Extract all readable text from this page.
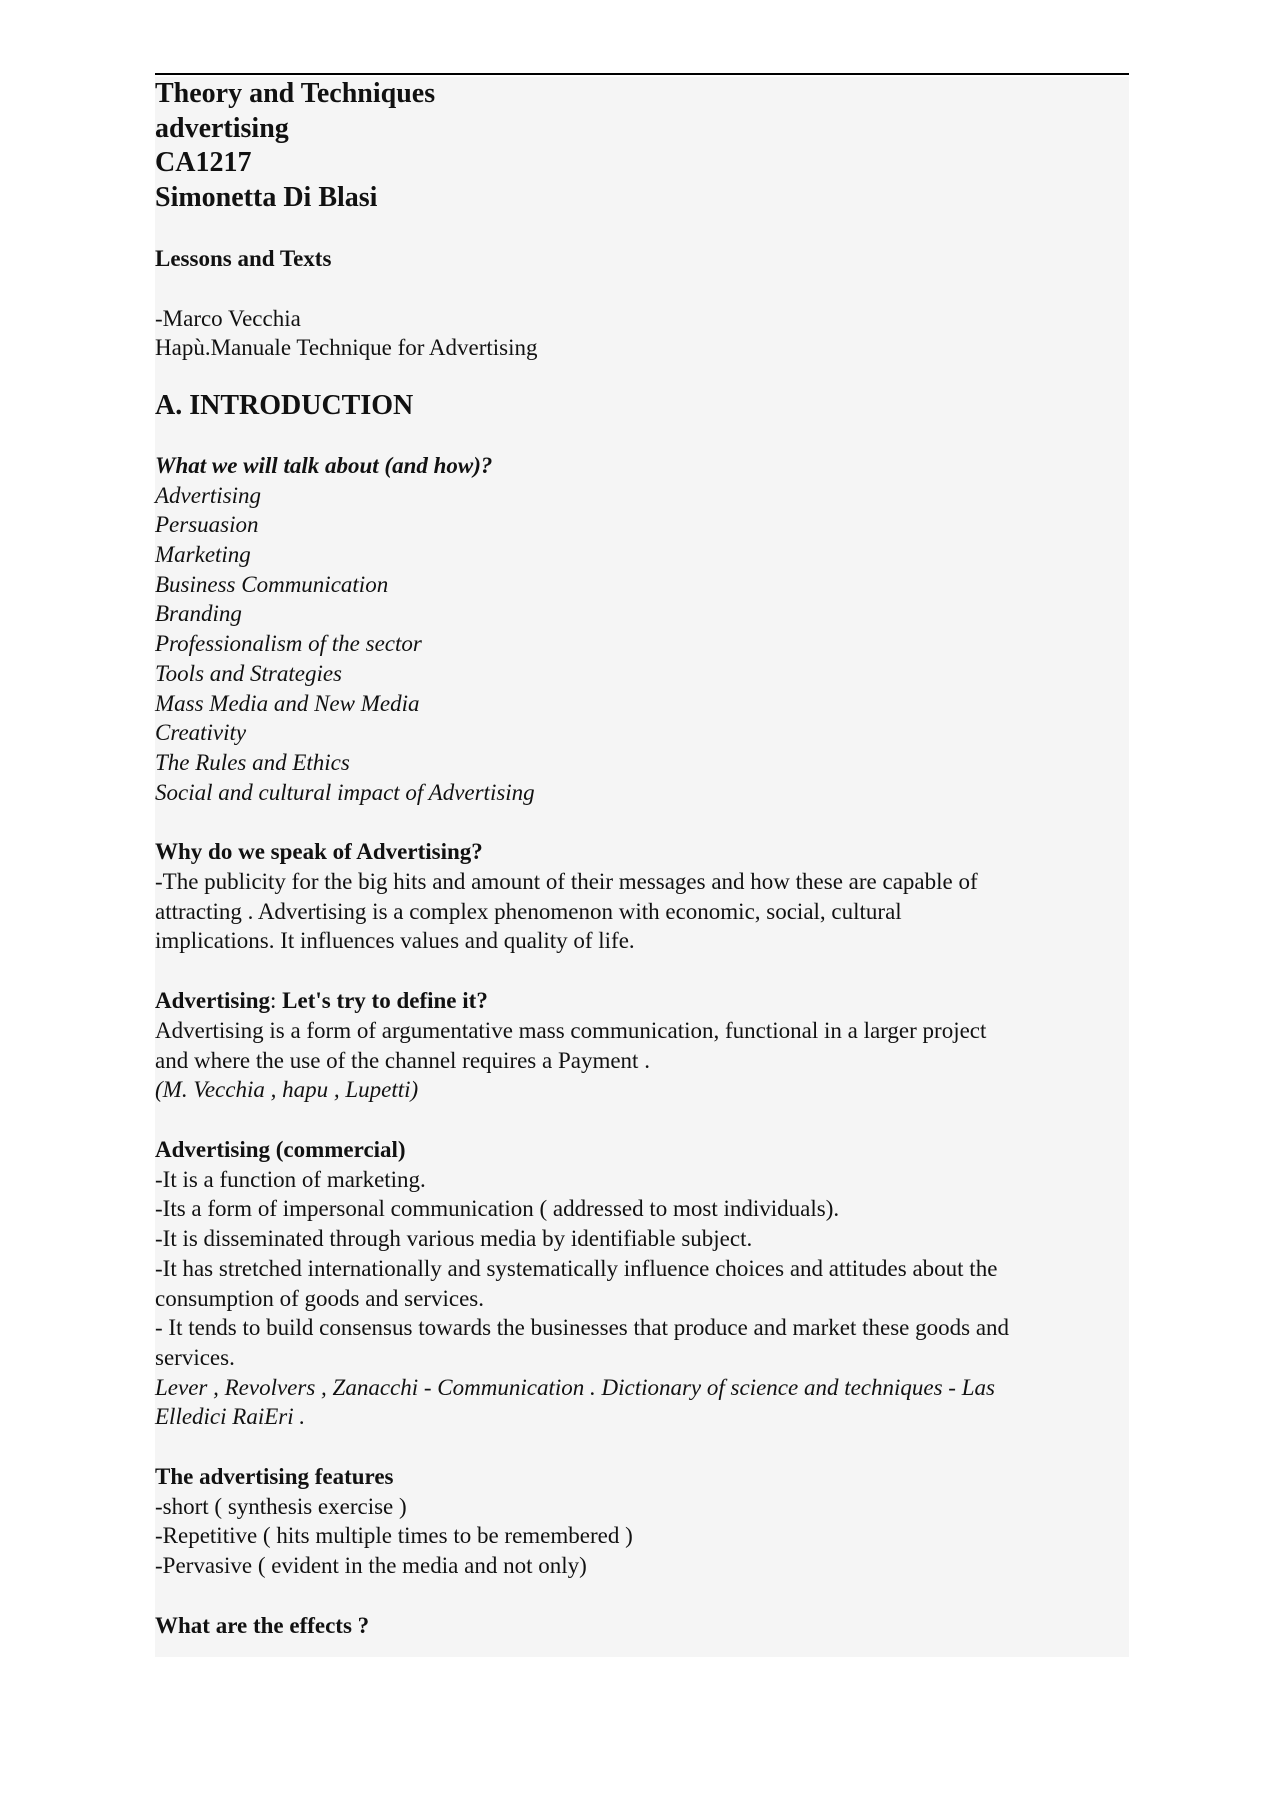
Theory and Techniques
advertising
CA1217
Simonetta Di Blasi
Lessons and Texts
-Marco Vecchia
Hapù.Manuale Technique for Advertising
A. INTRODUCTION
What we will talk about (and how)?
Advertising
Persuasion
Marketing
Business Communication
Branding
Professionalism of the sector
Tools and Strategies
Mass Media and New Media
Creativity
The Rules and Ethics
Social and cultural impact of Advertising
Why do we speak of Advertising?
-The publicity for the big hits and amount of their messages and how these are capable of
attracting . Advertising is a complex phenomenon with economic, social, cultural
implications. It influences values and quality of life.
Advertising: Let's try to define it?
Advertising is a form of argumentative mass communication, functional in a larger project
and where the use of the channel requires a Payment .
(M. Vecchia , hapu , Lupetti)
Advertising (commercial)
-It is a function of marketing.
-Its a form of impersonal communication ( addressed to most individuals).
-It is disseminated through various media by identifiable subject.
-It has stretched internationally and systematically influence choices and attitudes about the
consumption of goods and services.
- It tends to build consensus towards the businesses that produce and market these goods and
services.
Lever , Revolvers , Zanacchi - Communication . Dictionary of science and techniques - Las
Elledici RaiEri .
The advertising features
-short ( synthesis exercise )
-Repetitive ( hits multiple times to be remembered )
-Pervasive ( evident in the media and not only)
What are the effects ?
